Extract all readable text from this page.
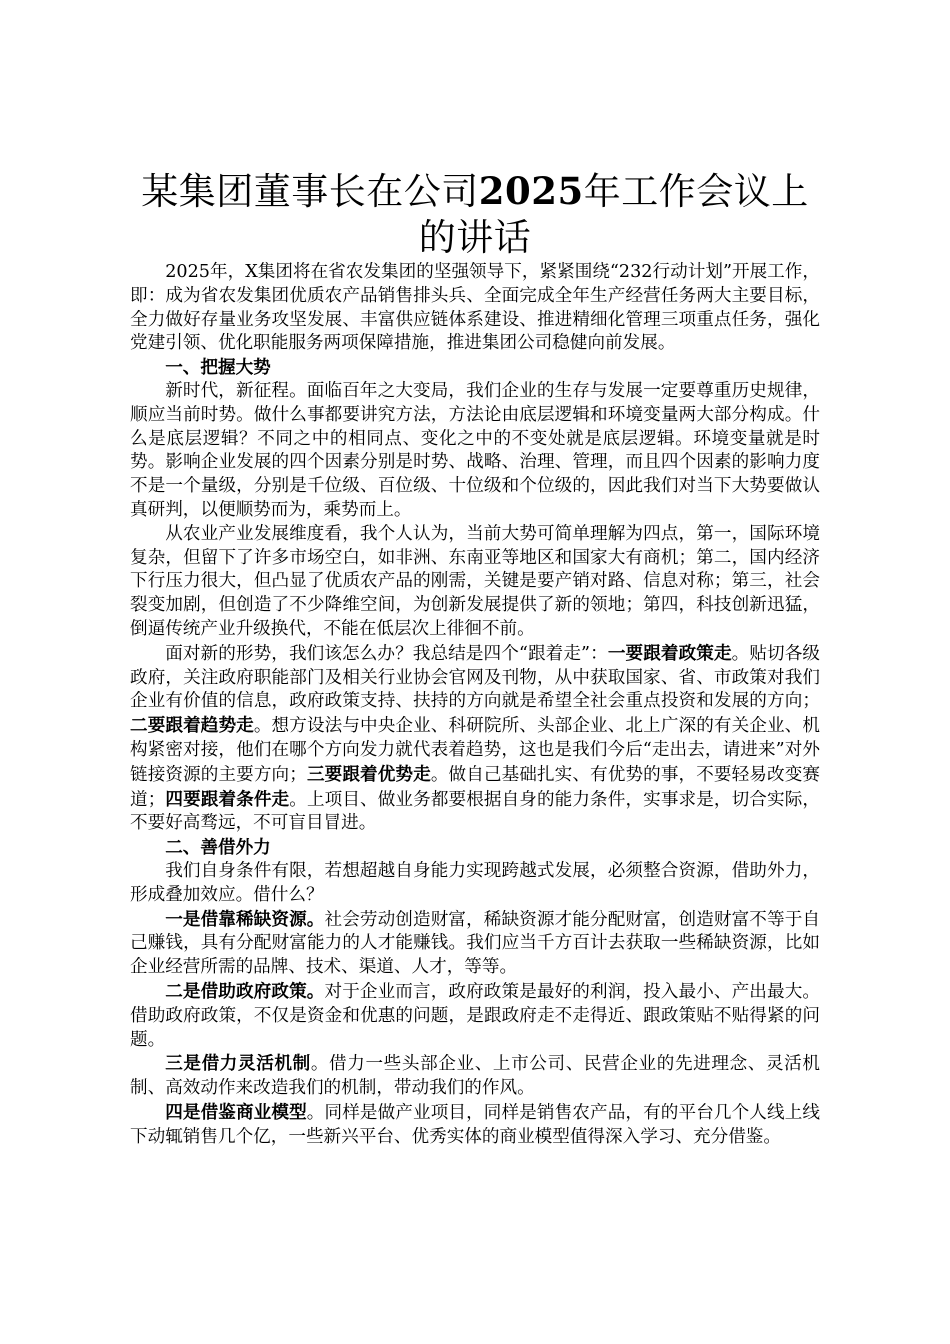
某集团董事长在公司2025年工作会议上的讲话

2025年，X集团将在省农发集团的坚强领导下，紧紧围绕“232行动计划”开展工作，即：成为省农发集团优质农产品销售排头兵、全面完成全年生产经营任务两大主要目标，全力做好存量业务攻坚发展、丰富供应链体系建设、推进精细化管理三项重点任务，强化党建引领、优化职能服务两项保障措施，推进集团公司稳健向前发展。

一、把握大势

新时代，新征程。面临百年之大变局，我们企业的生存与发展一定要尊重历史规律，顺应当前时势。做什么事都要讲究方法，方法论由底层逻辑和环境变量两大部分构成。什么是底层逻辑？不同之中的相同点、变化之中的不变处就是底层逻辑。环境变量就是时势。影响企业发展的四个因素分别是时势、战略、治理、管理，而且四个因素的影响力度不是一个量级，分别是千位级、百位级、十位级和个位级的，因此我们对当下大势要做认真研判，以便顺势而为，乘势而上。

从农业产业发展维度看，我个人认为，当前大势可简单理解为四点，第一，国际环境复杂，但留下了许多市场空白，如非洲、东南亚等地区和国家大有商机；第二，国内经济下行压力很大，但凸显了优质农产品的刚需，关键是要产销对路、信息对称；第三，社会裂变加剧，但创造了不少降维空间，为创新发展提供了新的领地；第四，科技创新迅猛，倒逼传统产业升级换代，不能在低层次上徘徊不前。

面对新的形势，我们该怎么办？我总结是四个“跟着走”：一要跟着政策走。贴切各级政府，关注政府职能部门及相关行业协会官网及刊物，从中获取国家、省、市政策对我们企业有价值的信息，政府政策支持、扶持的方向就是希望全社会重点投资和发展的方向；二要跟着趋势走。想方设法与中央企业、科研院所、头部企业、北上广深的有关企业、机构紧密对接，他们在哪个方向发力就代表着趋势，这也是我们今后“走出去，请进来”对外链接资源的主要方向；三要跟着优势走。做自己基础扎实、有优势的事，不要轻易改变赛道；四要跟着条件走。上项目、做业务都要根据自身的能力条件，实事求是，切合实际，不要好高骛远，不可盲目冒进。

二、善借外力

我们自身条件有限，若想超越自身能力实现跨越式发展，必须整合资源，借助外力，形成叠加效应。借什么？

一是借靠稀缺资源。社会劳动创造财富，稀缺资源才能分配财富，创造财富不等于自己赚钱，具有分配财富能力的人才能赚钱。我们应当千方百计去获取一些稀缺资源，比如企业经营所需的品牌、技术、渠道、人才，等等。

二是借助政府政策。对于企业而言，政府政策是最好的利润，投入最小、产出最大。借助政府政策，不仅是资金和优惠的问题，是跟政府走不走得近、跟政策贴不贴得紧的问题。

三是借力灵活机制。借力一些头部企业、上市公司、民营企业的先进理念、灵活机制、高效动作来改造我们的机制，带动我们的作风。

四是借鉴商业模型。同样是做产业项目，同样是销售农产品，有的平台几个人线上线下动辄销售几个亿，一些新兴平台、优秀实体的商业模型值得深入学习、充分借鉴。
